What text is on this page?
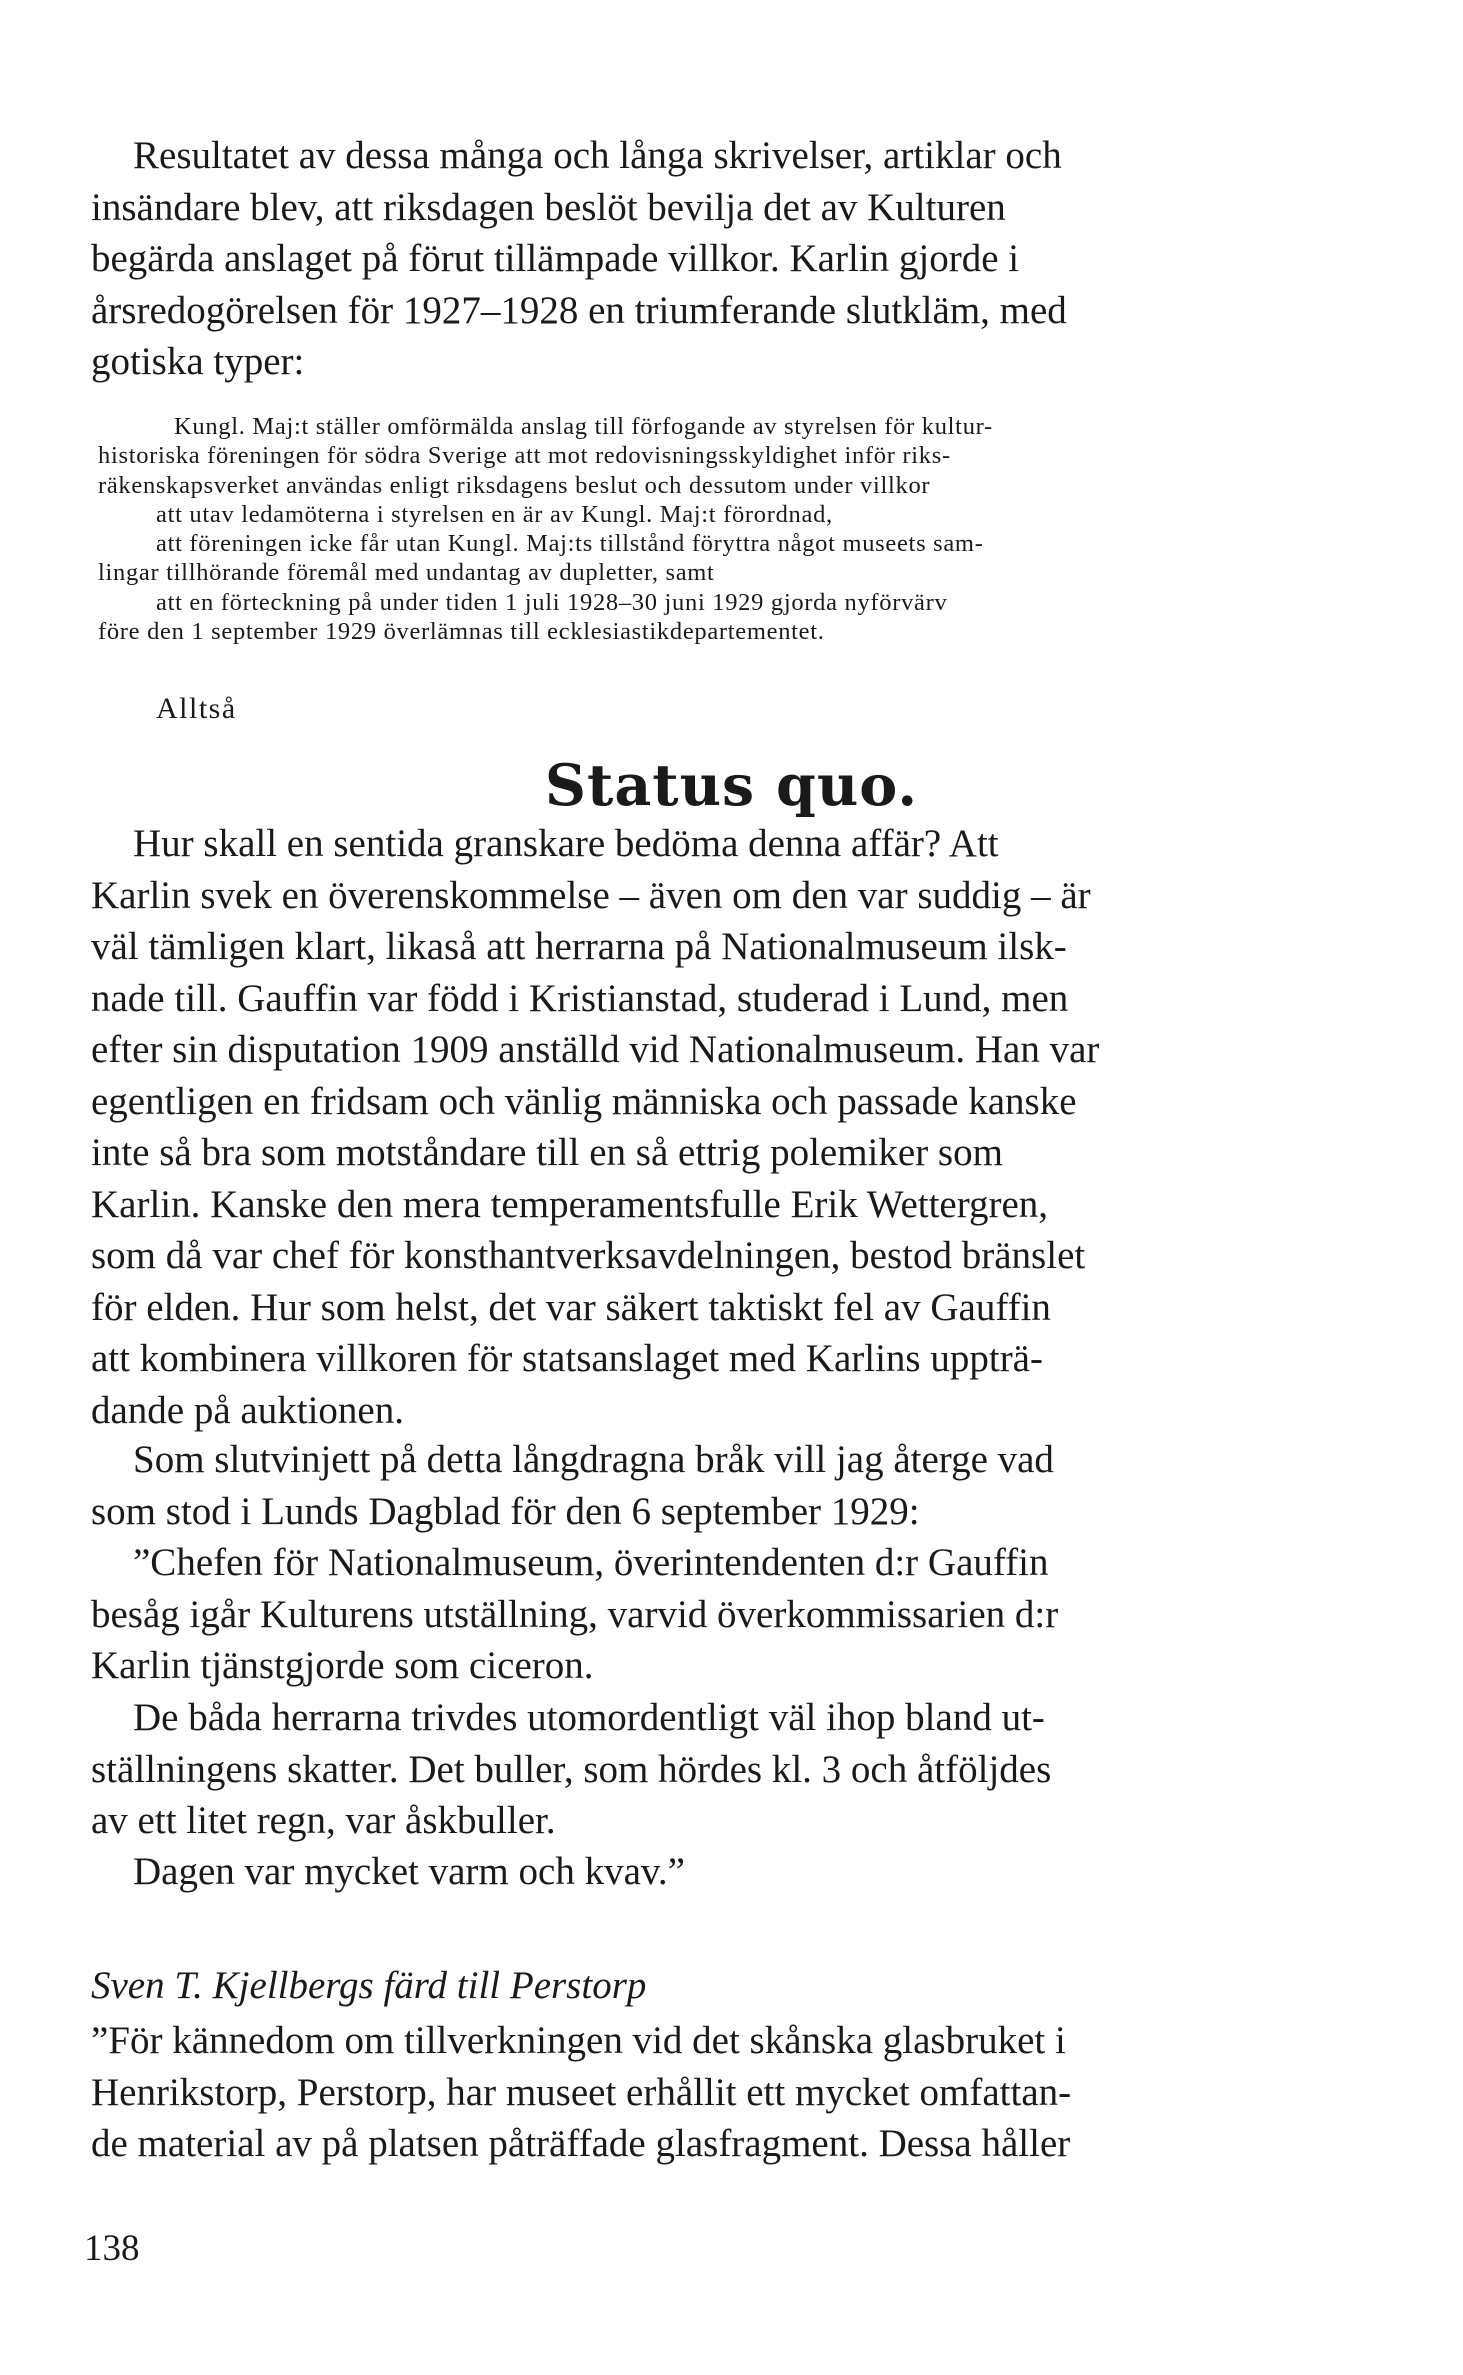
Resultatet av dessa många och långa skrivelser, artiklar och
insändare blev, att riksdagen beslöt bevilja det av Kulturen
begärda anslaget på förut tillämpade villkor. Karlin gjorde i
årsredogörelsen för 1927–1928 en triumferande slutkläm, med
gotiska typer:
Kungl. Maj:t ställer omförmälda anslag till förfogande av styrelsen för kultur-
historiska föreningen för södra Sverige att mot redovisningsskyldighet inför riks-
räkenskapsverket användas enligt riksdagens beslut och dessutom under villkor
att utav ledamöterna i styrelsen en är av Kungl. Maj:t förordnad,
att föreningen icke får utan Kungl. Maj:ts tillstånd föryttra något museets sam-
lingar tillhörande föremål med undantag av dupletter, samt
att en förteckning på under tiden 1 juli 1928–30 juni 1929 gjorda nyförvärv
före den 1 september 1929 överlämnas till ecklesiastikdepartementet.

Alltså

Status quo.

Hur skall en sentida granskare bedöma denna affär? Att
Karlin svek en överenskommelse – även om den var suddig – är
väl tämligen klart, likaså att herrarna på Nationalmuseum ilsk-
nade till. Gauffin var född i Kristianstad, studerad i Lund, men
efter sin disputation 1909 anställd vid Nationalmuseum. Han var
egentligen en fridsam och vänlig människa och passade kanske
inte så bra som motståndare till en så ettrig polemiker som
Karlin. Kanske den mera temperamentsfulle Erik Wettergren,
som då var chef för konsthantverksavdelningen, bestod bränslet
för elden. Hur som helst, det var säkert taktiskt fel av Gauffin
att kombinera villkoren för statsanslaget med Karlins uppträ-
dande på auktionen.
Som slutvinjett på detta långdragna bråk vill jag återge vad
som stod i Lunds Dagblad för den 6 september 1929:
”Chefen för Nationalmuseum, överintendenten d:r Gauffin
besåg igår Kulturens utställning, varvid överkommissarien d:r
Karlin tjänstgjorde som ciceron.
De båda herrarna trivdes utomordentligt väl ihop bland ut-
ställningens skatter. Det buller, som hördes kl. 3 och åtföljdes
av ett litet regn, var åskbuller.
Dagen var mycket varm och kvav.”

Sven T. Kjellbergs färd till Perstorp

”För kännedom om tillverkningen vid det skånska glasbruket i
Henrikstorp, Perstorp, har museet erhållit ett mycket omfattan-
de material av på platsen påträffade glasfragment. Dessa håller

138
